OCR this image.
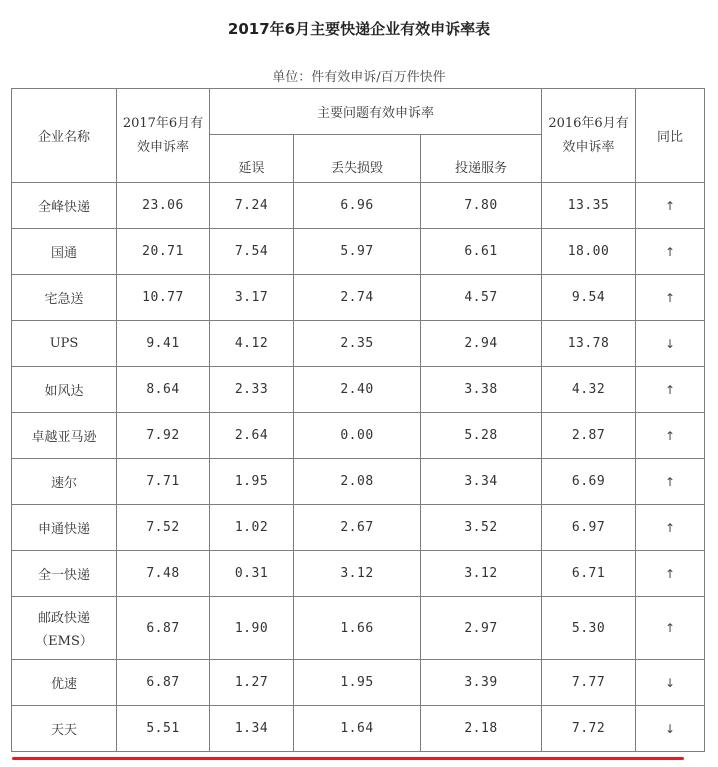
2017年6月主要快递企业有效申诉率表
单位：件有效申诉/百万件快件
企业名称	2017年6月有效申诉率	主要问题有效申诉率			2016年6月有效申诉率	同比
		延误	丢失损毁	投递服务		

全峰快递	23.06	7.24	6.96	7.80	13.35	↑

国通	20.71	7.54	5.97	6.61	18.00	↑

宅急送	10.77	3.17	2.74	4.57	9.54	↑

UPS	9.41	4.12	2.35	2.94	13.78	↓

如风达	8.64	2.33	2.40	3.38	4.32	↑

卓越亚马逊	7.92	2.64	0.00	5.28	2.87	↑

速尔	7.71	1.95	2.08	3.34	6.69	↑

申通快递	7.52	1.02	2.67	3.52	6.97	↑

全一快递	7.48	0.31	3.12	3.12	6.71	↑

邮政快递
（EMS）	6.87	1.90	1.66	2.97	5.30	↑

优速	6.87	1.27	1.95	3.39	7.77	↓

天天	5.51	1.34	1.64	2.18	7.72	↓
